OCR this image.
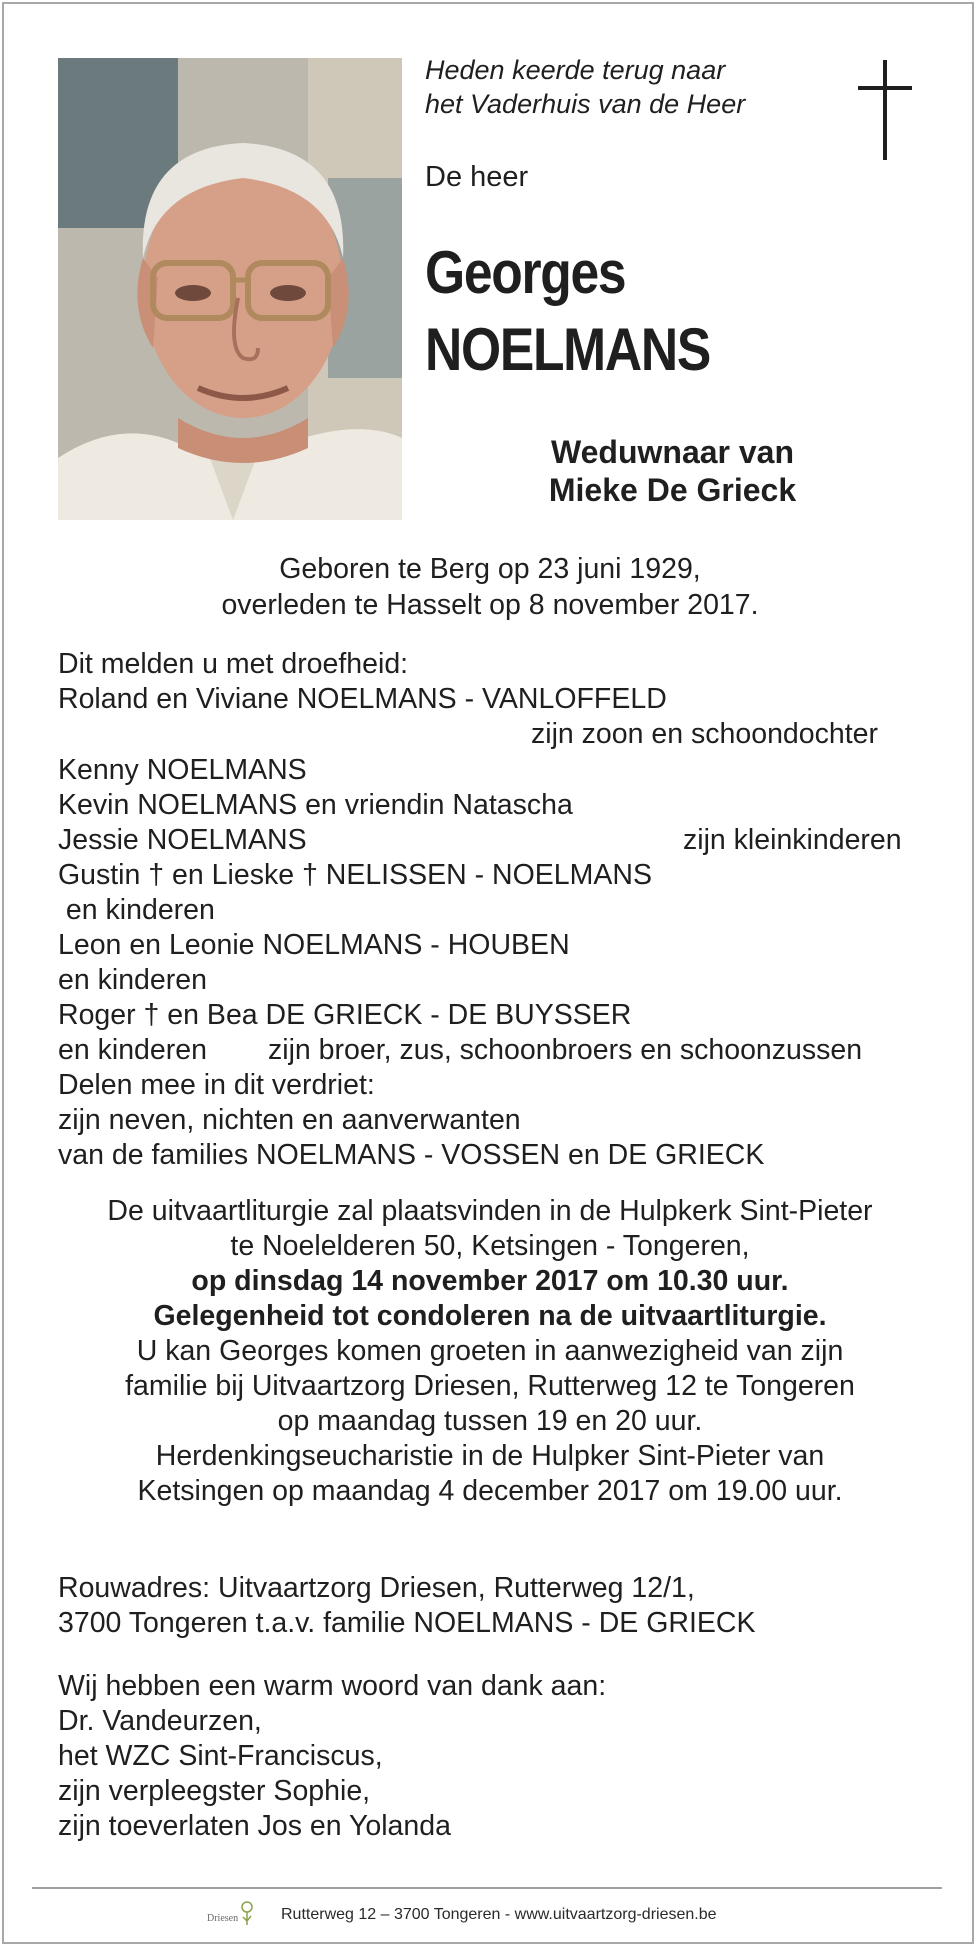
Heden keerde terug naar
het Vaderhuis van de Heer
De heer
Georges
NOELMANS
Weduwnaar van
Mieke De Grieck
Geboren te Berg op 23 juni 1929,
overleden te Hasselt op 8 november 2017.
Dit melden u met droefheid:
Roland en Viviane NOELMANS - VANLOFFELD
zijn zoon en schoondochter
Kenny NOELMANS
Kevin NOELMANS en vriendin Natascha
Jessie NOELMANS	zijn kleinkinderen
Gustin † en Lieske † NELISSEN - NOELMANS
en kinderen
Leon en Leonie NOELMANS - HOUBEN
en kinderen
Roger † en Bea DE GRIECK - DE BUYSSER
en kinderen zijn broer, zus, schoonbroers en schoonzussen
Delen mee in dit verdriet:
zijn neven, nichten en aanverwanten
van de families NOELMANS - VOSSEN en DE GRIECK
De uitvaartliturgie zal plaatsvinden in de Hulpkerk Sint-Pieter
te Noelelderen 50, Ketsingen - Tongeren,
op dinsdag 14 november 2017 om 10.30 uur.
Gelegenheid tot condoleren na de uitvaartliturgie.
U kan Georges komen groeten in aanwezigheid van zijn
familie bij Uitvaartzorg Driesen, Rutterweg 12 te Tongeren
op maandag tussen 19 en 20 uur.
Herdenkingseucharistie in de Hulpker Sint-Pieter van
Ketsingen op maandag 4 december 2017 om 19.00 uur.
Rouwadres: Uitvaartzorg Driesen, Rutterweg 12/1,
3700 Tongeren t.a.v. familie NOELMANS - DE GRIECK
Wij hebben een warm woord van dank aan:
Dr. Vandeurzen,
het WZC Sint-Franciscus,
zijn verpleegster Sophie,
zijn toeverlaten Jos en Yolanda
Driesen	Rutterweg 12 – 3700 Tongeren - www.uitvaartzorg-driesen.be
